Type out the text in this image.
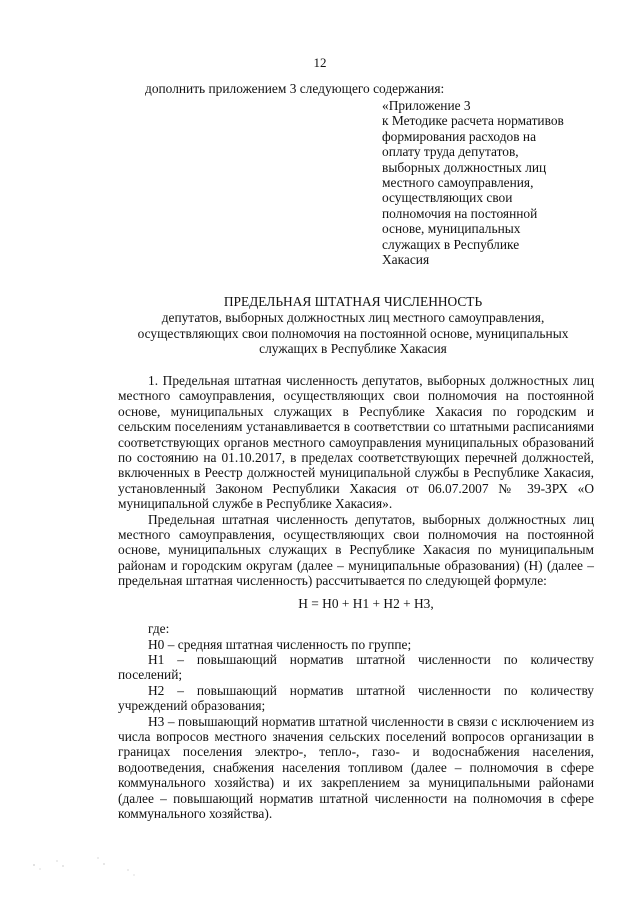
12
дополнить приложением 3 следующего содержания:
«Приложение 3
к Методике расчета нормативов
формирования расходов на
оплату труда депутатов,
выборных должностных лиц
местного самоуправления,
осуществляющих свои
полномочия на постоянной
основе, муниципальных
служащих в Республике
Хакасия
ПРЕДЕЛЬНАЯ ШТАТНАЯ ЧИСЛЕННОСТЬ
депутатов, выборных должностных лиц местного самоуправления,
осуществляющих свои полномочия на постоянной основе, муниципальных
служащих в Республике Хакасия

1. Предельная штатная численность депутатов, выборных должностных лиц местного самоуправления, осуществляющих свои полномочия на постоянной основе, муниципальных служащих в Республике Хакасия по городским и сельским поселениям устанавливается в соответствии со штатными расписаниями соответствующих органов местного самоуправления муниципальных образований по состоянию на 01.10.2017, в пределах соответствующих перечней должностей, включенных в Реестр должностей муниципальной службы в Республике Хакасия, установленный Законом Республики Хакасия от 06.07.2007 № 39-ЗРХ «О муниципальной службе в Республике Хакасия».

Предельная штатная численность депутатов, выборных должностных лиц местного самоуправления, осуществляющих свои полномочия на постоянной основе, муниципальных служащих в Республике Хакасия по муниципальным районам и городским округам (далее – муниципальные образования) (Н) (далее – предельная штатная численность) рассчитывается по следующей формуле:

Н = Н0 + Н1 + Н2 + Н3,

где:

Н0 – средняя штатная численность по группе;

Н1 – повышающий норматив штатной численности по количеству поселений;

Н2 – повышающий норматив штатной численности по количеству учреждений образования;

Н3 – повышающий норматив штатной численности в связи с исключением из числа вопросов местного значения сельских поселений вопросов организации в границах поселения электро-, тепло-, газо- и водоснабжения населения, водоотведения, снабжения населения топливом (далее – полномочия в сфере коммунального хозяйства) и их закреплением за муниципальными районами (далее – повышающий норматив штатной численности на полномочия в сфере коммунального хозяйства).
